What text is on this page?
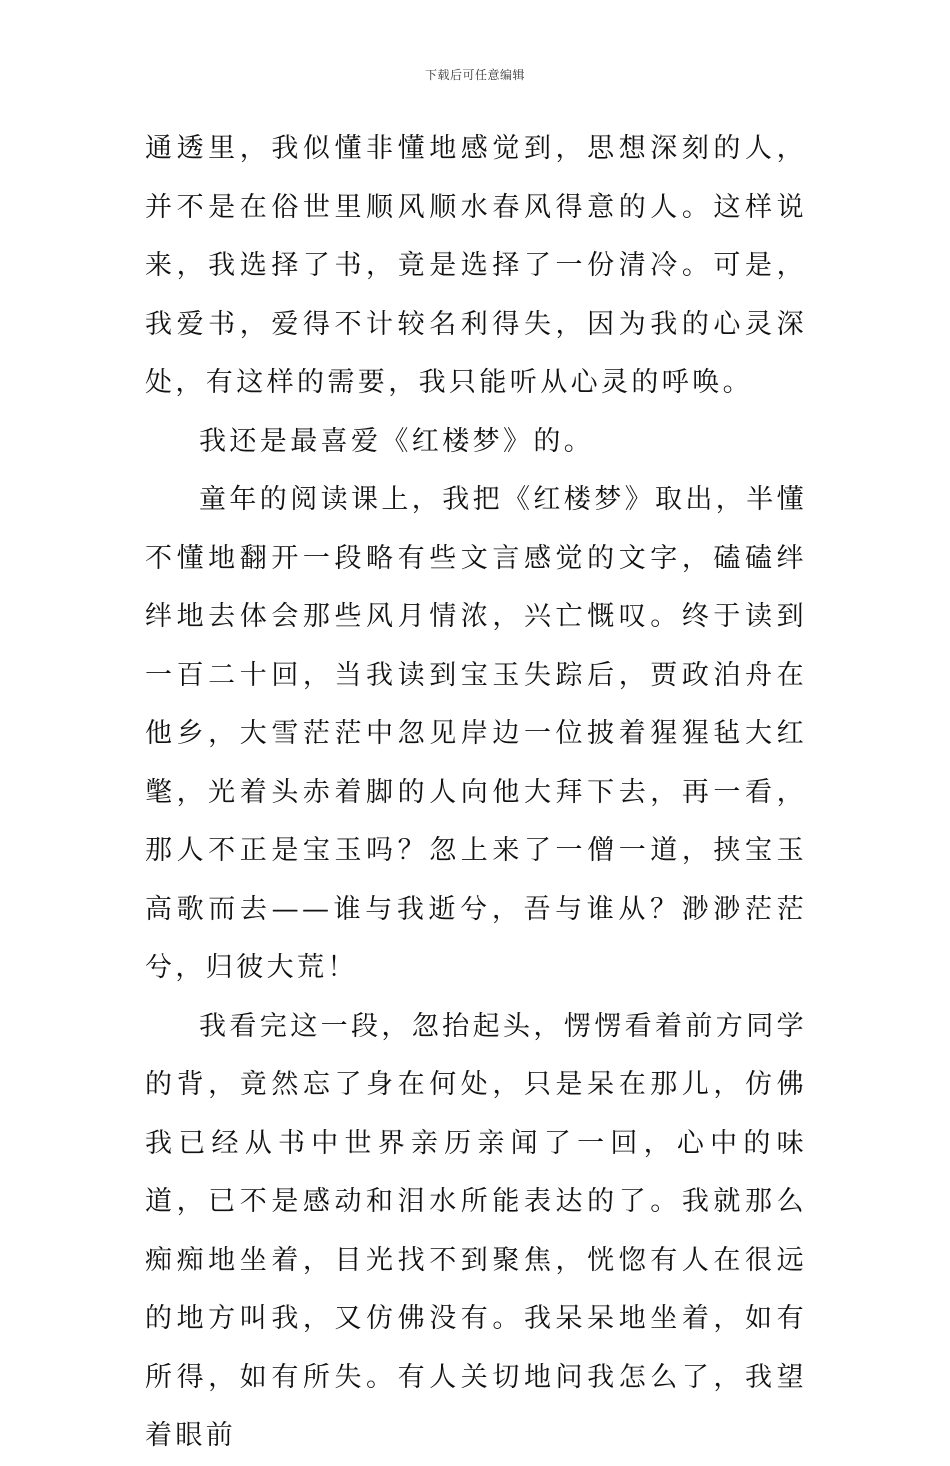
下载后可任意编辑

通透里，我似懂非懂地感觉到，思想深刻的人，并不是在俗世里顺风顺水春风得意的人。这样说来，我选择了书，竟是选择了一份清冷。可是，我爱书，爱得不计较名利得失，因为我的心灵深处，有这样的需要，我只能听从心灵的呼唤。

我还是最喜爱《红楼梦》的。

童年的阅读课上，我把《红楼梦》取出，半懂不懂地翻开一段略有些文言感觉的文字，磕磕绊绊地去体会那些风月情浓，兴亡慨叹。终于读到一百二十回，当我读到宝玉失踪后，贾政泊舟在他乡，大雪茫茫中忽见岸边一位披着猩猩毡大红氅，光着头赤着脚的人向他大拜下去，再一看，那人不正是宝玉吗？忽上来了一僧一道，挟宝玉高歌而去——谁与我逝兮，吾与谁从？渺渺茫茫兮，归彼大荒！

我看完这一段，忽抬起头，愣愣看着前方同学的背，竟然忘了身在何处，只是呆在那儿，仿佛我已经从书中世界亲历亲闻了一回，心中的味道，已不是感动和泪水所能表达的了。我就那么痴痴地坐着，目光找不到聚焦，恍惚有人在很远的地方叫我，又仿佛没有。我呆呆地坐着，如有所得，如有所失。有人关切地问我怎么了，我望着眼前
